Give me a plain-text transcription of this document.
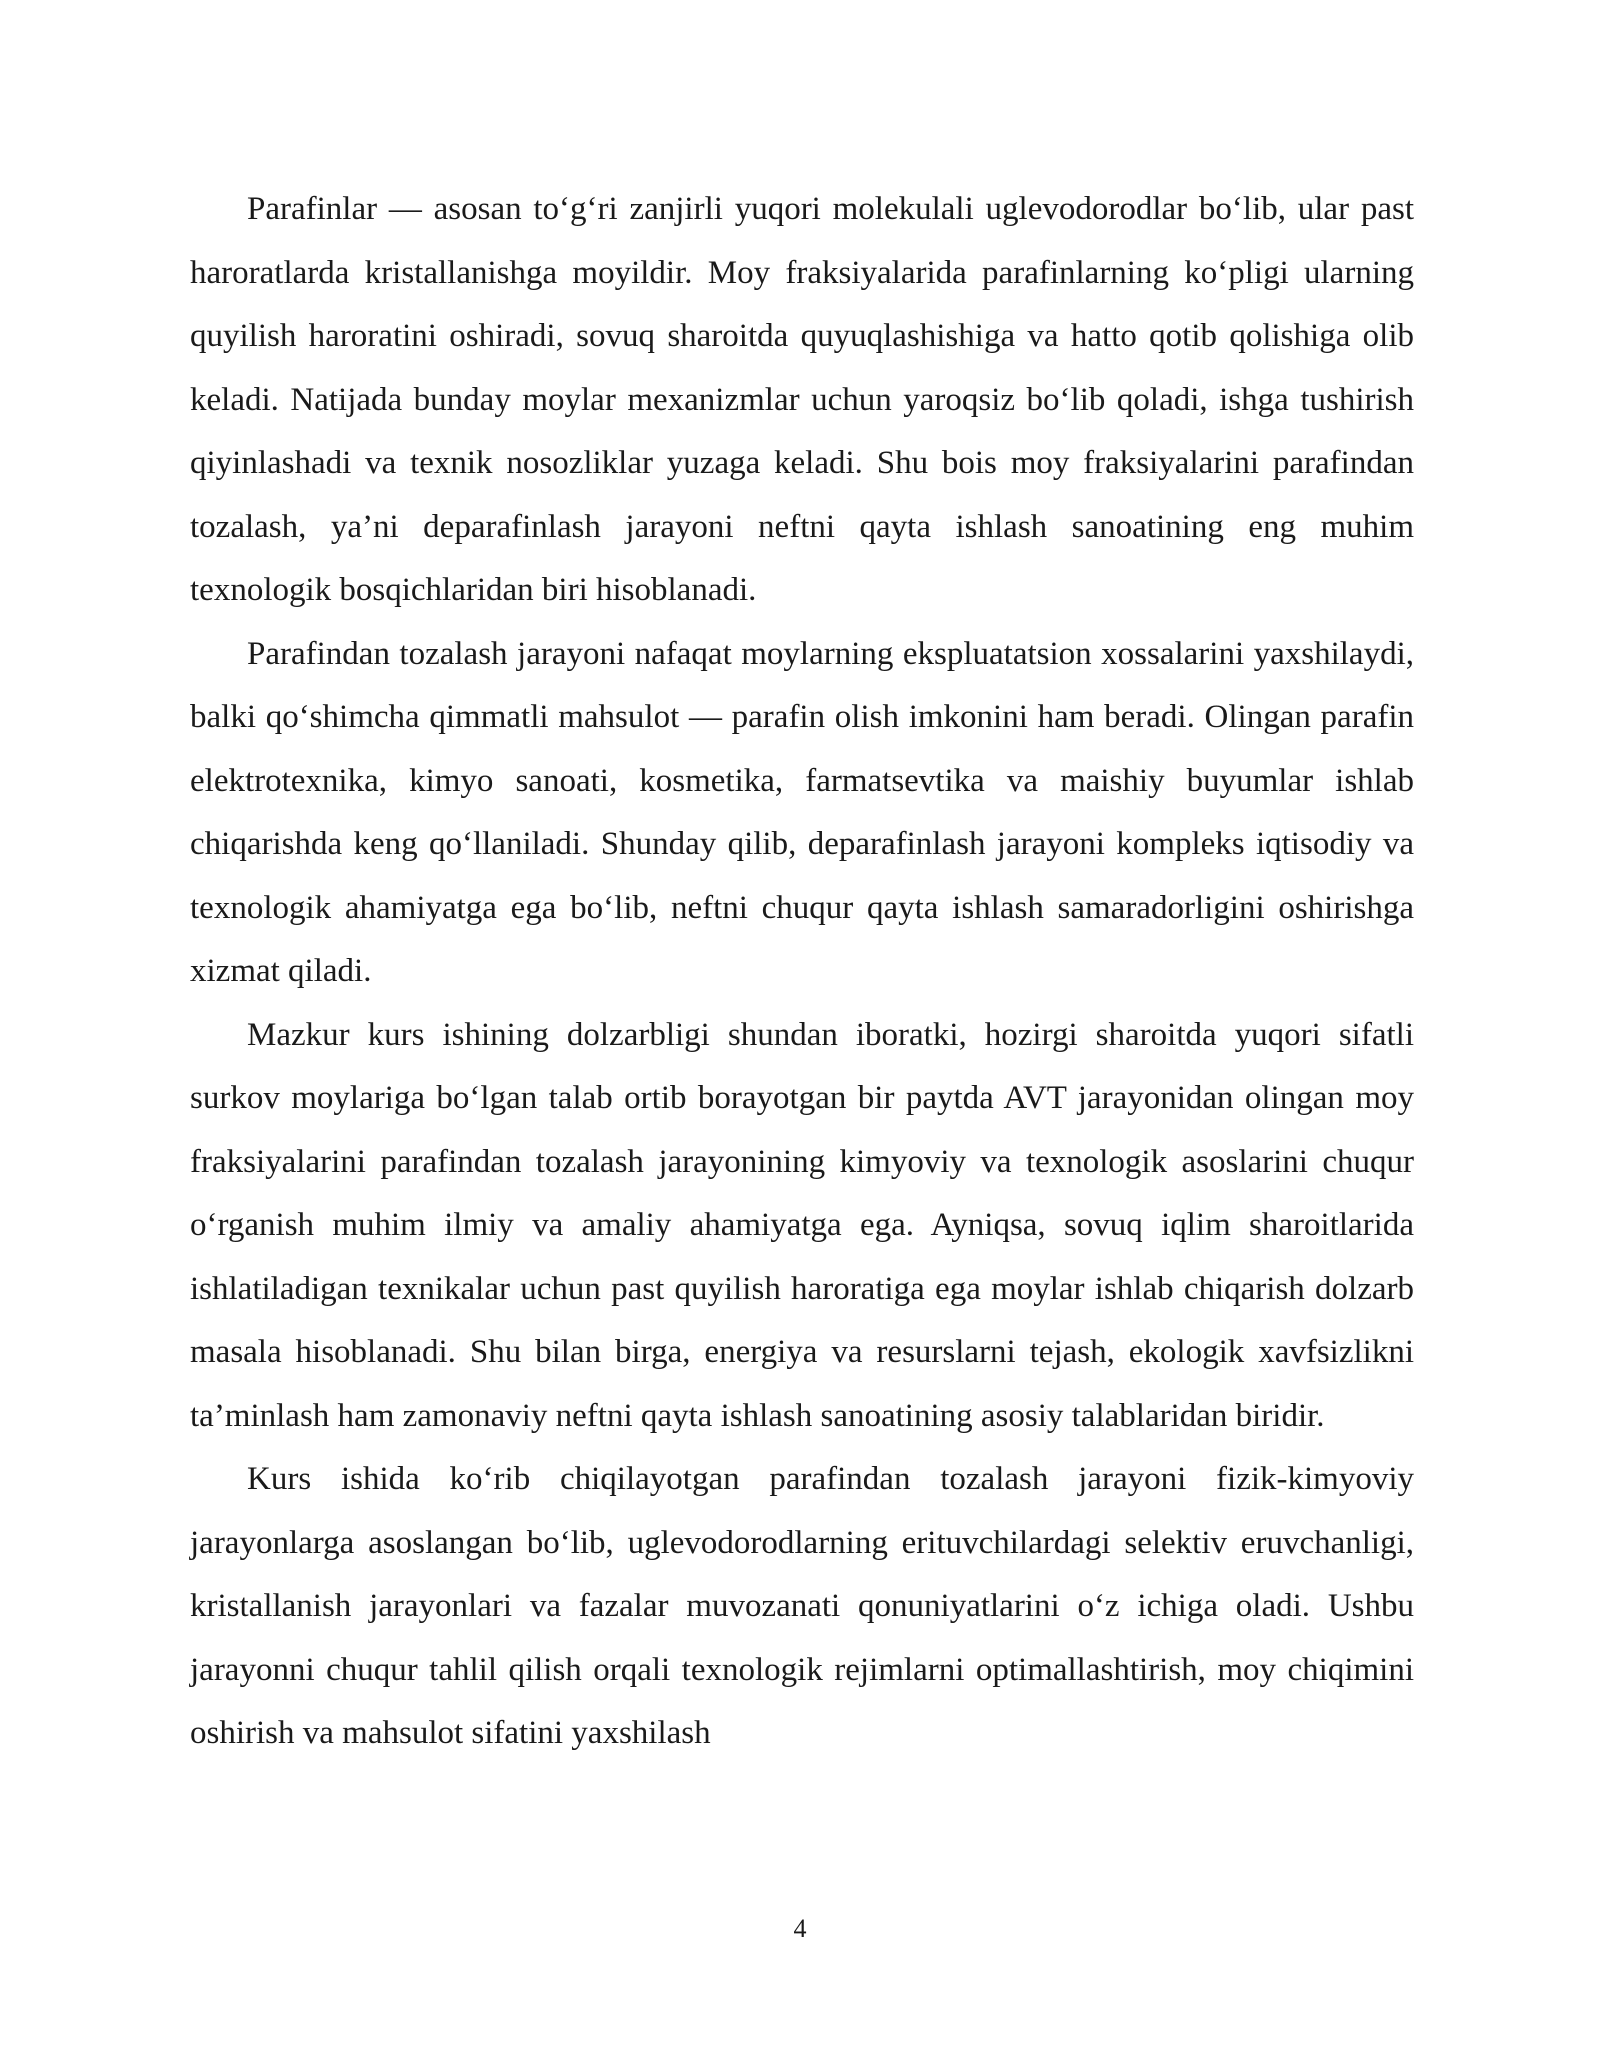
Parafinlar — asosan to‘g‘ri zanjirli yuqori molekulali uglevodorodlar bo‘lib, ular past haroratlarda kristallanishga moyildir. Moy fraksiyalarida parafinlarning ko‘pligi ularning quyilish haroratini oshiradi, sovuq sharoitda quyuqlashishiga va hatto qotib qolishiga olib keladi. Natijada bunday moylar mexanizmlar uchun yaroqsiz bo‘lib qoladi, ishga tushirish qiyinlashadi va texnik nosozliklar yuzaga keladi. Shu bois moy fraksiyalarini parafindan tozalash, ya’ni deparafinlash jarayoni neftni qayta ishlash sanoatining eng muhim texnologik bosqichlaridan biri hisoblanadi.

Parafindan tozalash jarayoni nafaqat moylarning ekspluatatsion xossalarini yaxshilaydi, balki qo‘shimcha qimmatli mahsulot — parafin olish imkonini ham beradi. Olingan parafin elektrotexnika, kimyo sanoati, kosmetika, farmatsevtika va maishiy buyumlar ishlab chiqarishda keng qo‘llaniladi. Shunday qilib, deparafinlash jarayoni kompleks iqtisodiy va texnologik ahamiyatga ega bo‘lib, neftni chuqur qayta ishlash samaradorligini oshirishga xizmat qiladi.

Mazkur kurs ishining dolzarbligi shundan iboratki, hozirgi sharoitda yuqori sifatli surkov moylariga bo‘lgan talab ortib borayotgan bir paytda AVT jarayonidan olingan moy fraksiyalarini parafindan tozalash jarayonining kimyoviy va texnologik asoslarini chuqur o‘rganish muhim ilmiy va amaliy ahamiyatga ega. Ayniqsa, sovuq iqlim sharoitlarida ishlatiladigan texnikalar uchun past quyilish haroratiga ega moylar ishlab chiqarish dolzarb masala hisoblanadi. Shu bilan birga, energiya va resurslarni tejash, ekologik xavfsizlikni ta’minlash ham zamonaviy neftni qayta ishlash sanoatining asosiy talablaridan biridir.

Kurs ishida ko‘rib chiqilayotgan parafindan tozalash jarayoni fizik-kimyoviy jarayonlarga asoslangan bo‘lib, uglevodorodlarning erituvchilardagi selektiv eruvchanligi, kristallanish jarayonlari va fazalar muvozanati qonuniyatlarini o‘z ichiga oladi. Ushbu jarayonni chuqur tahlil qilish orqali texnologik rejimlarni optimallashtirish, moy chiqimini oshirish va mahsulot sifatini yaxshilash

4
